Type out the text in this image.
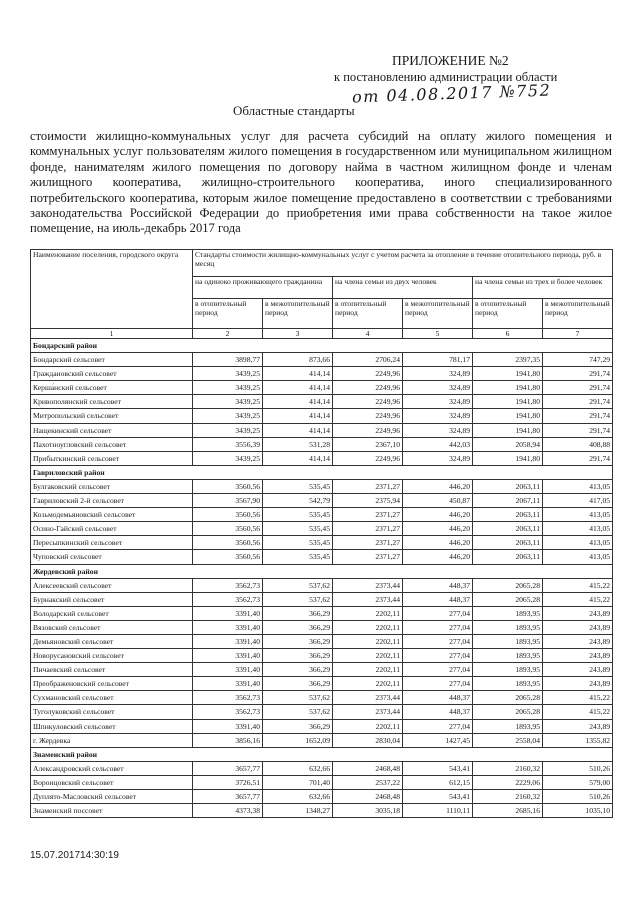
ПРИЛОЖЕНИЕ №2
к постановлению администрации области
от 04.08.2017 №752
Областные стандарты
стоимости жилищно-коммунальных услуг для расчета субсидий на оплату жилого помещения и коммунальных услуг пользователям жилого помещения в государственном или муниципальном жилищном фонде, нанимателям жилого помещения по договору найма в частном жилищном фонде и членам жилищного кооператива, жилищно-строительного кооператива, иного специализированного потребительского кооператива, которым жилое помещение предоставлено в соответствии с требованиями законодательства Российской Федерации до приобретения ими права собственности на такое жилое помещение, на июль-декабрь 2017 года
Наименование поселения, городского округа	Стандарты стоимости жилищно-коммунальных услуг с учетом расчета за отопление в течение отопительного периода, руб. в месяц					
	на одиноко проживающего гражданина		на члена семьи из двух человек		на члена семьи из трех и более человек	
	в отопительный период	в межотопительный период	в отопительный период	в межотопительный период	в отопительный период	в межотопительный период
1	2	3	4	5	6	7
Бондарский район						
Бондарский сельсовет	3898,77	873,66	2706,24	781,17	2397,35	747,29
Граждановский сельсовет	3439,25	414,14	2249,96	324,89	1941,80	291,74
Керша́нский сельсовет	3439,25	414,14	2249,96	324,89	1941,80	291,74
Кривополянский сельсовет	3439,25	414,14	2249,96	324,89	1941,80	291,74
Митропольский сельсовет	3439,25	414,14	2249,96	324,89	1941,80	291,74
Нащекинский сельсовет	3439,25	414,14	2249,96	324,89	1941,80	291,74
Пахотноугловский сельсовет	3556,39	531,28	2367,10	442,03	2058,94	408,88
Прибыткинский сельсовет	3439,25	414,14	2249,96	324,89	1941,80	291,74
Гавриловский район						
Булгаковский сельсовет	3560,56	535,45	2371,27	446,20	2063,11	413,05
Гавриловский 2-й сельсовет	3567,90	542,79	2375,94	450,87	2067,11	417,05
Козьмодемьяновский сельсовет	3560,56	535,45	2371,27	446,20	2063,11	413,05
Осино-Гайский сельсовет	3560,56	535,45	2371,27	446,20	2063,11	413,05
Пересыпкинский сельсовет	3560,56	535,45	2371,27	446,20	2063,11	413,05
Чуповский сельсовет	3560,56	535,45	2371,27	446,20	2063,11	413,05
Жердевский район						
Алексеевский сельсовет	3562,73	537,62	2373,44	448,37	2065,28	415,22
Бурнакский сельсовет	3562,73	537,62	2373,44	448,37	2065,28	415,22
Володарский сельсовет	3391,40	366,29	2202,11	277,04	1893,95	243,89
Вязовский сельсовет	3391,40	366,29	2202,11	277,04	1893,95	243,89
Демьяновский сельсовет	3391,40	366,29	2202,11	277,04	1893,95	243,89
Новорусановский сельсовет	3391,40	366,29	2202,11	277,04	1893,95	243,89
Пичаевский сельсовет	3391,40	366,29	2202,11	277,04	1893,95	243,89
Преображеновский сельсовет	3391,40	366,29	2202,11	277,04	1893,95	243,89
Сухмановский сельсовет	3562,73	537,62	2373,44	448,37	2065,28	415,22
Туголуковский сельсовет	3562,73	537,62	2373,44	448,37	2065,28	415,22
Шпикуловский сельсовет	3391,40	366,29	2202,11	277,04	1893,95	243,89
г. Жердевка	3856,16	1652,09	2830,04	1427,45	2558,04	1355,82
Знаменский район						
Александровский сельсовет	3657,77	632,66	2468,48	543,41	2160,32	510,26
Воронцовский сельсовет	3726,51	701,40	2537,22	612,15	2229,06	579,00
Дуплято-Масловский сельсовет	3657,77	632,66	2468,48	543,41	2160,32	510,26
Знаменский поссовет	4373,38	1348,27	3035,18	1110,11	2685,16	1035,10
15.07.201714:30:19
